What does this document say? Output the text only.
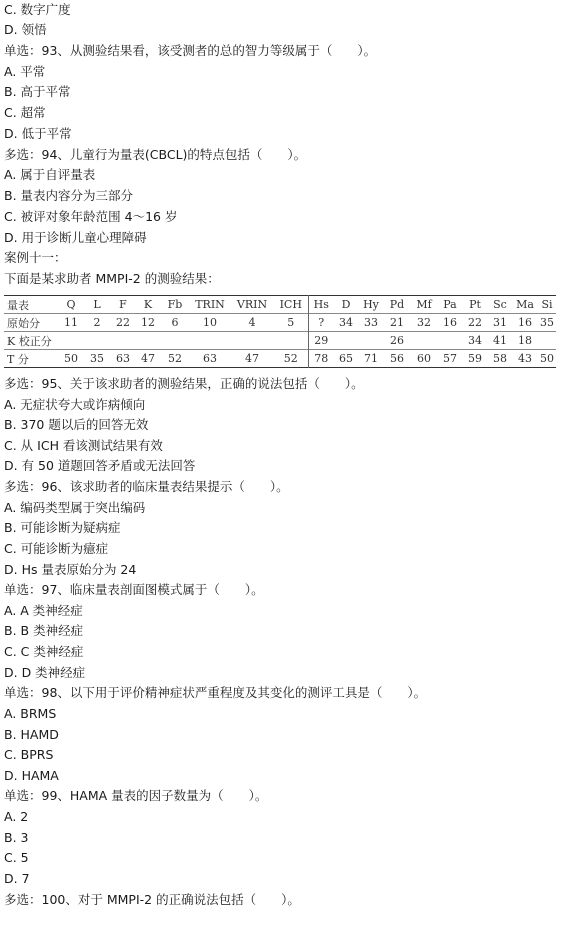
C. 数字广度
D. 领悟
单选：93、从测验结果看，该受测者的总的智力等级属于（　　）。
A. 平常
B. 高于平常
C. 超常
D. 低于平常
多选：94、儿童行为量表(CBCL)的特点包括（　　）。
A. 属于自评量表
B. 量表内容分为三部分
C. 被评对象年龄范围 4～16 岁
D. 用于诊断儿童心理障碍
案例十一：
下面是某求助者 MMPI-2 的测验结果：
量表	Q	L	F	K	Fb	TRIN	VRIN	ICH	Hs	D	Hy	Pd	Mf	Pa	Pt	Sc	Ma	Si
原始分	11	2	22	12	6	10	4	5	?	34	33	21	32	16	22	31	16	35
K 校正分									29			26			34	41	18	
T 分	50	35	63	47	52	63	47	52	78	65	71	56	60	57	59	58	43	50
多选：95、关于该求助者的测验结果，正确的说法包括（　　）。
A. 无症状夸大或诈病倾向
B. 370 题以后的回答无效
C. 从 ICH 看该测试结果有效
D. 有 50 道题回答矛盾或无法回答
多选：96、该求助者的临床量表结果提示（　　）。
A. 编码类型属于突出编码
B. 可能诊断为疑病症
C. 可能诊断为癔症
D. Hs 量表原始分为 24
单选：97、临床量表剖面图模式属于（　　）。
A. A 类神经症
B. B 类神经症
C. C 类神经症
D. D 类神经症
单选：98、以下用于评价精神症状严重程度及其变化的测评工具是（　　）。
A. BRMS
B. HAMD
C. BPRS
D. HAMA
单选：99、HAMA 量表的因子数量为（　　）。
A. 2
B. 3
C. 5
D. 7
多选：100、对于 MMPI-2 的正确说法包括（　　）。
